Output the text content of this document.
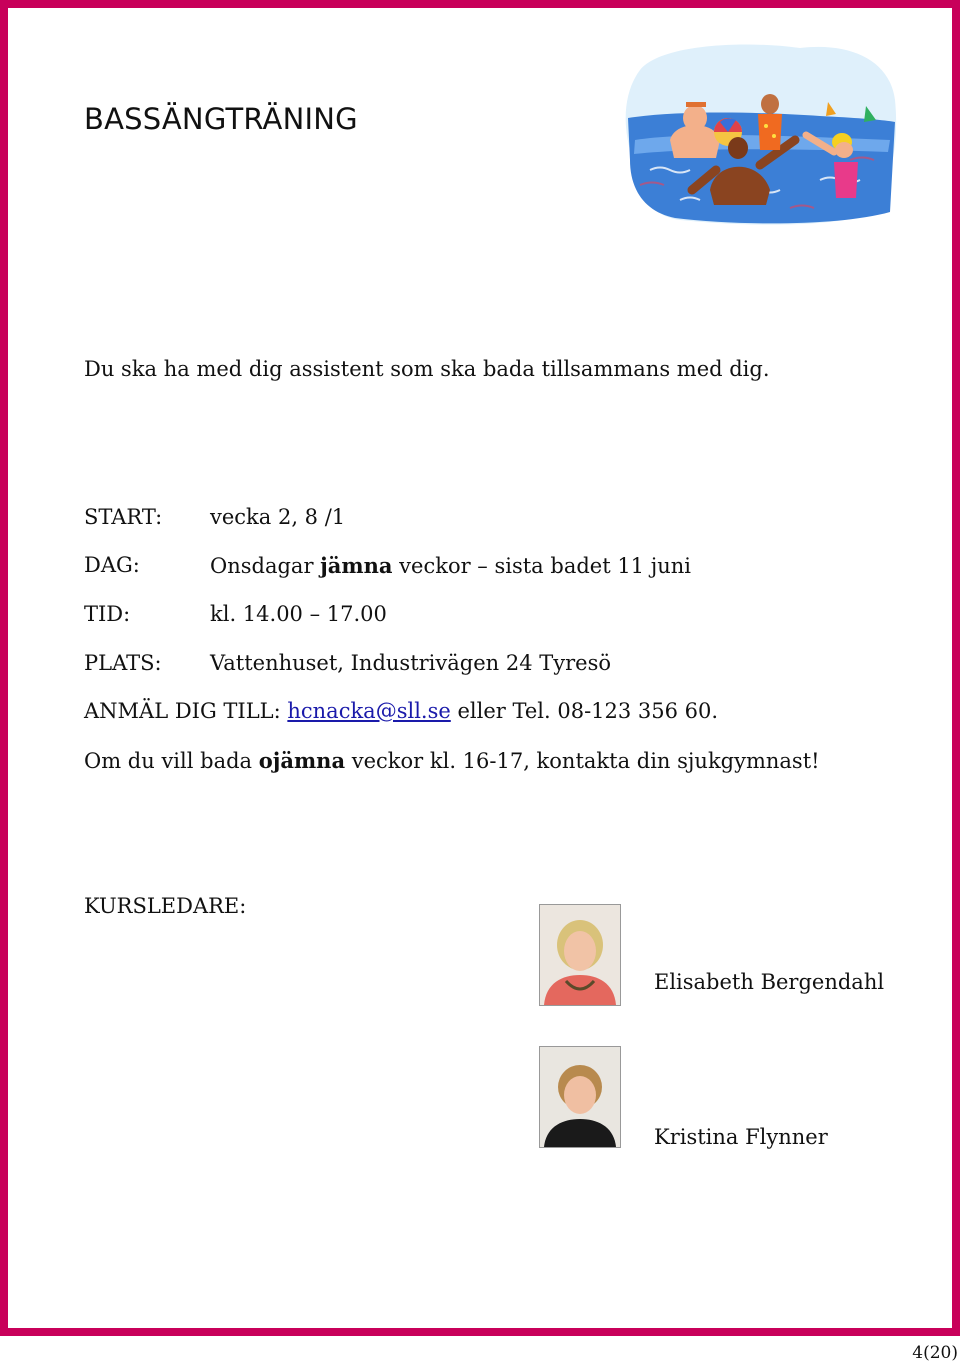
BASSÄNGTRÄNING
Du ska ha med dig assistent som ska bada tillsammans med dig.
START: vecka 2, 8 /1
DAG:	Onsdagar jämna veckor – sista badet 11 juni
TID:	kl. 14.00 – 17.00
PLATS: Vattenhuset, Industrivägen 24 Tyresö
ANMÄL DIG TILL: hcnacka@sll.se eller Tel. 08-123 356 60.
Om du vill bada ojämna veckor kl. 16-17, kontakta din sjukgymnast!
KURSLEDARE:
Elisabeth Bergendahl
Kristina Flynner
4(20)
